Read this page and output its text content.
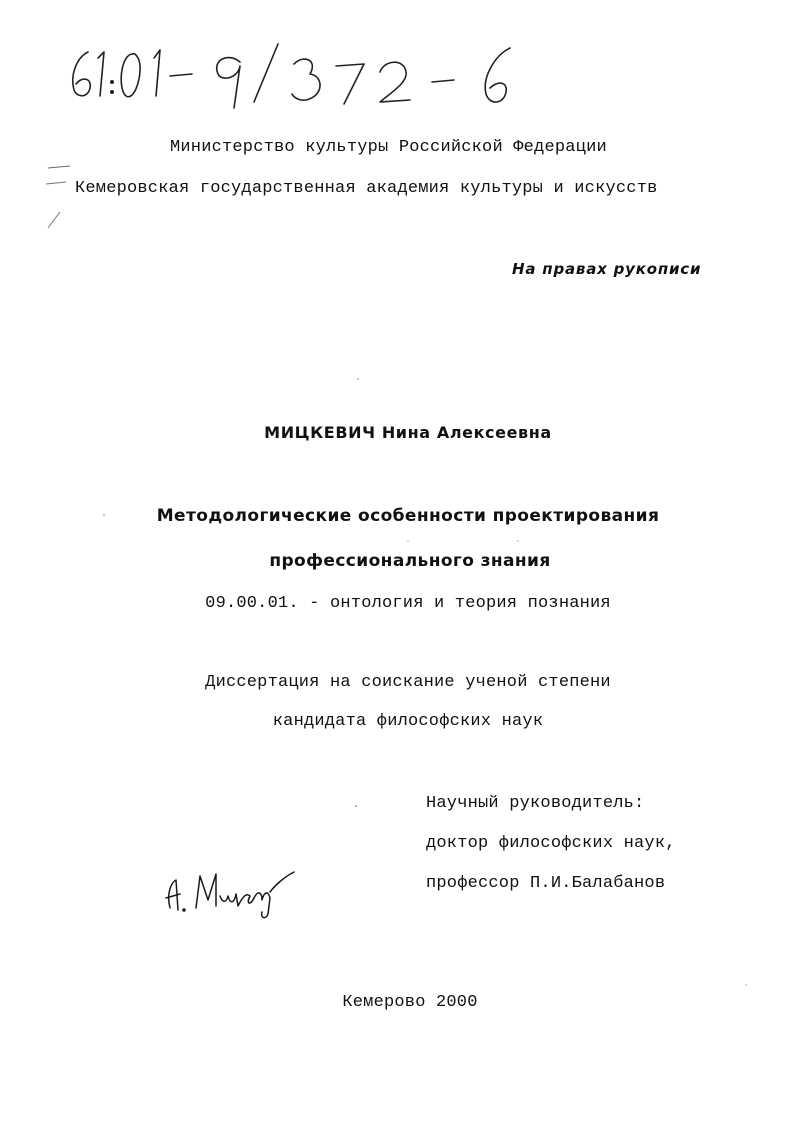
Министерство культуры Российской Федерации
Кемеровская государственная академия культуры и искусств
На правах рукописи
МИЦКЕВИЧ Нина Алексеевна
Методологические особенности проектирования
профессионального знания
09.00.01. - онтология и теория познания
Диссертация на соискание ученой степени
кандидата философских наук
Научный руководитель:
доктор философских наук,
профессор П.И.Балабанов
Кемерово 2000
